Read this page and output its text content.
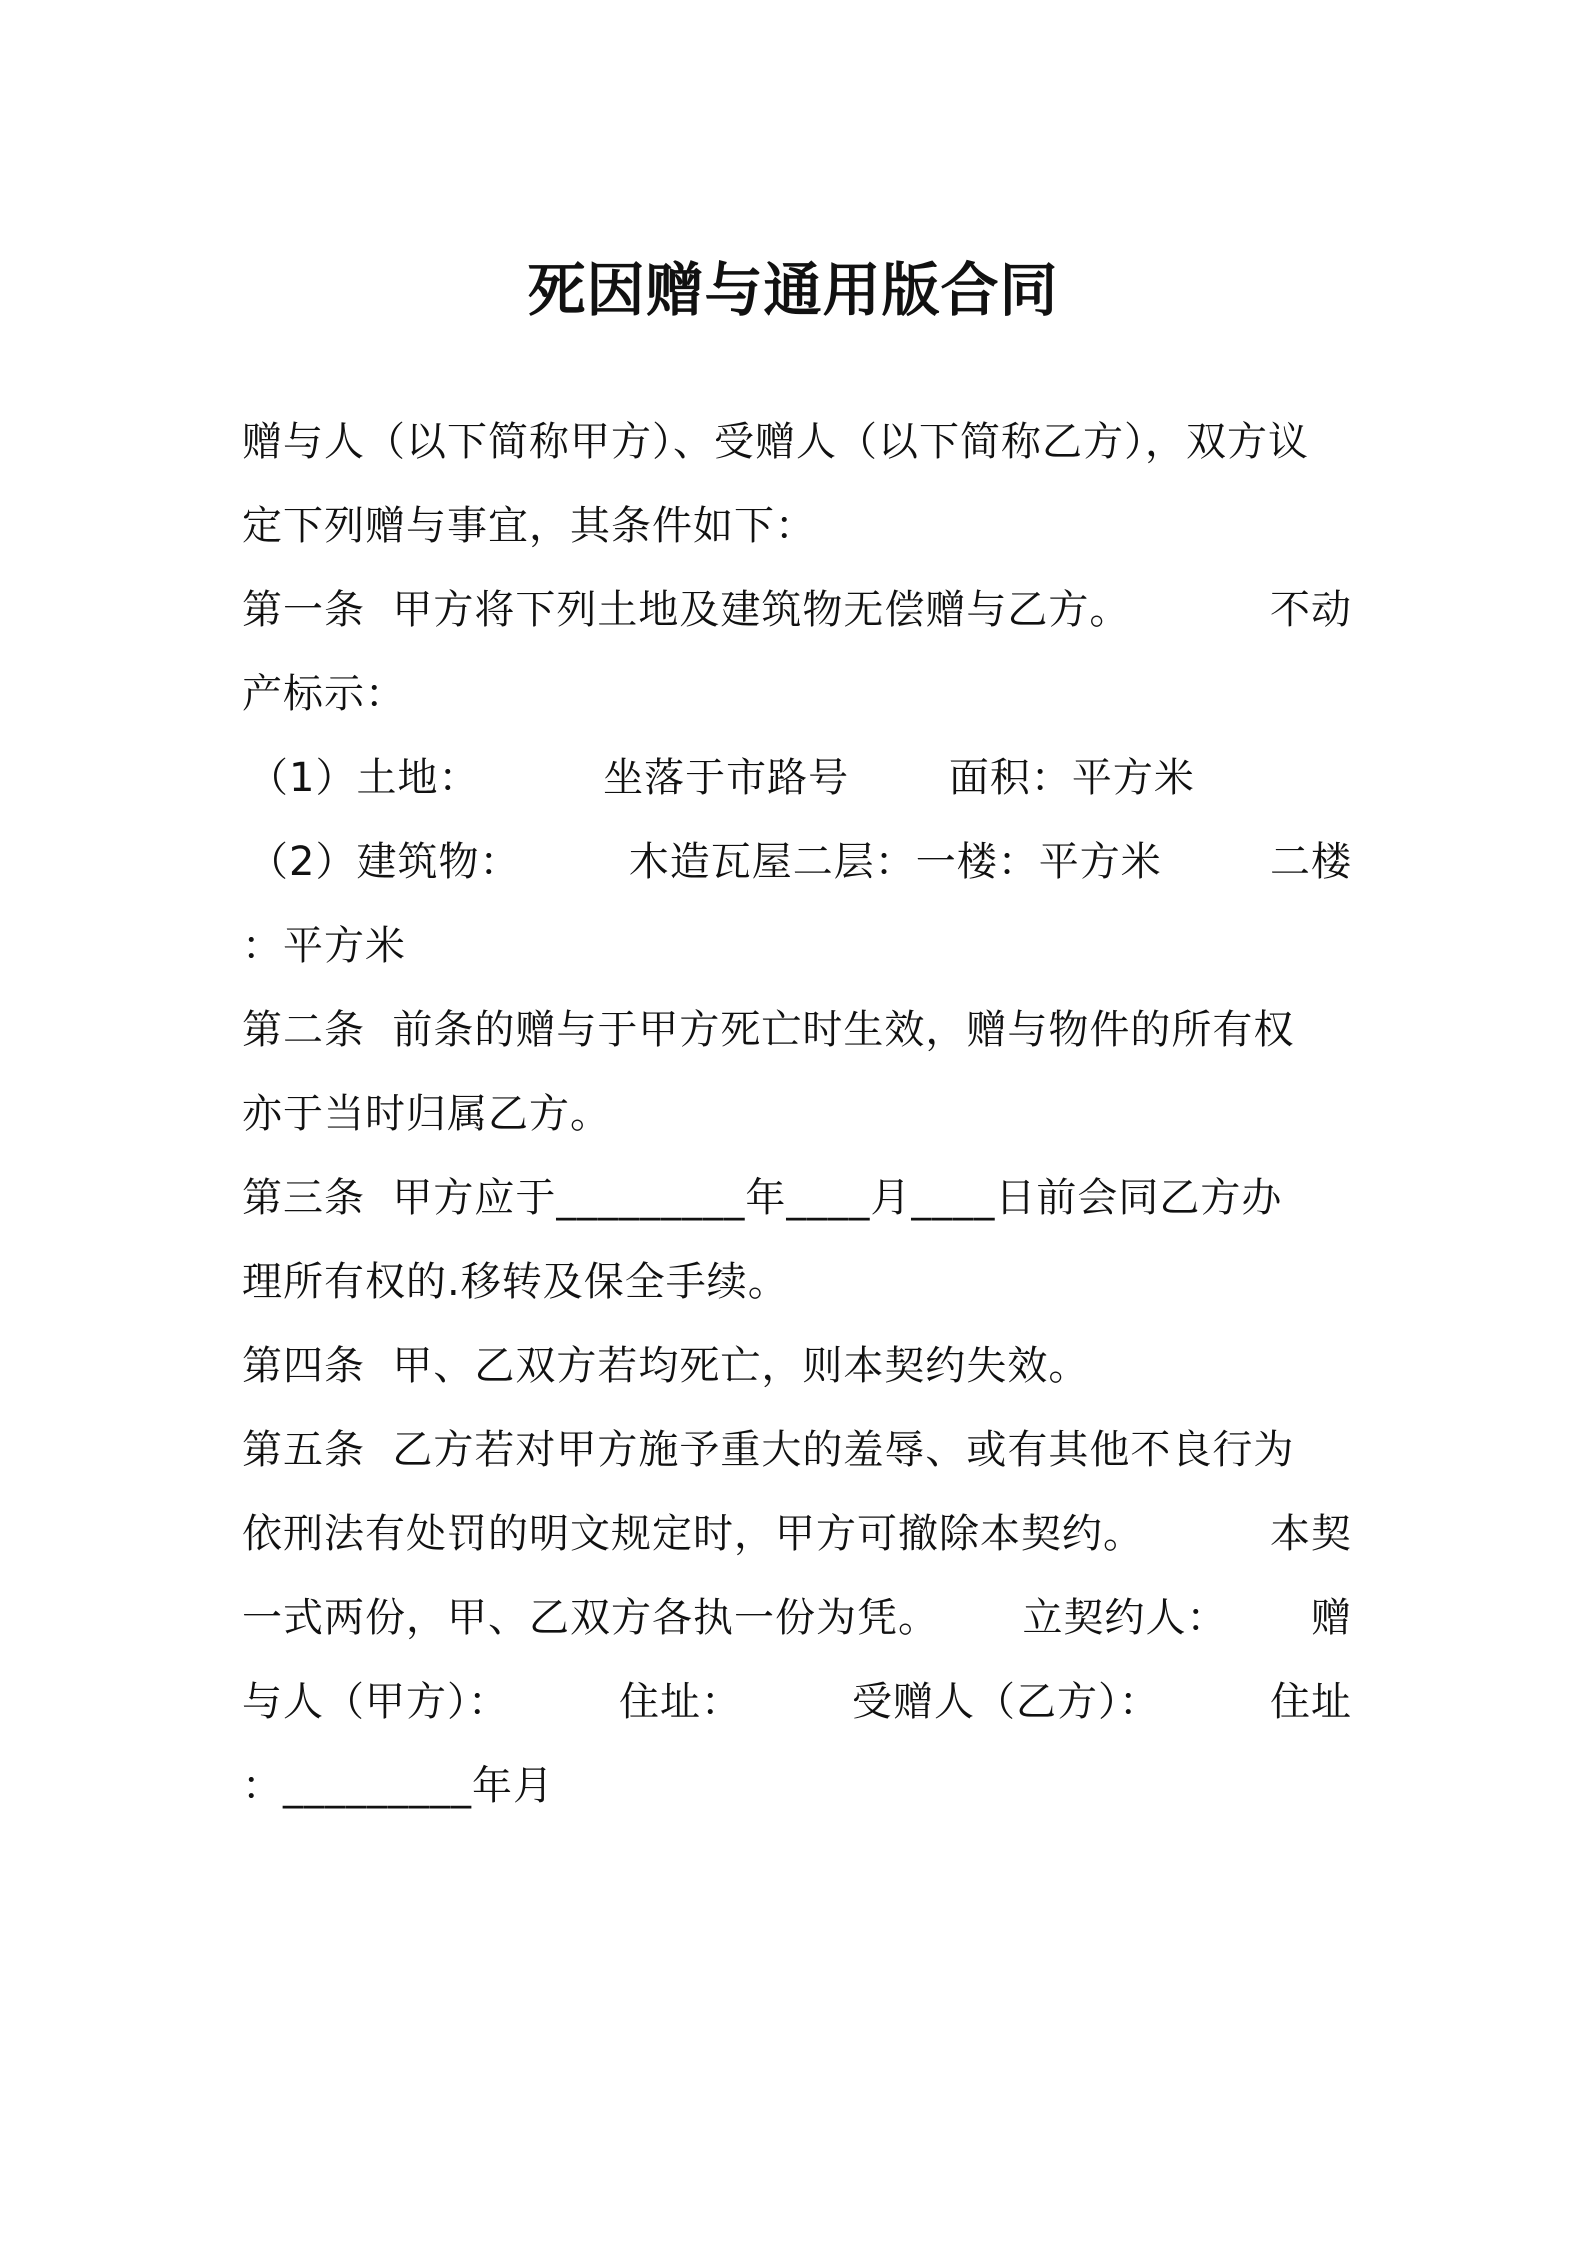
死因赠与通用版合同
赠与人（以下简称甲方）、受赠人（以下简称乙方），双方议
定下列赠与事宜，其条件如下：
第一条  甲方将下列土地及建筑物无偿赠与乙方。	不动
产标示：
（1）土地：	坐落于市路号 面积：平方米
（2）建筑物：	木造瓦屋二层：一楼：平方米	二楼
：平方米
第二条  前条的赠与于甲方死亡时生效，赠与物件的所有权
亦于当时归属乙方。
第三条  甲方应于_________年____月____日前会同乙方办
理所有权的.移转及保全手续。
第四条  甲、乙双方若均死亡，则本契约失效。
第五条  乙方若对甲方施予重大的羞辱、或有其他不良行为
依刑法有处罚的明文规定时，甲方可撤除本契约。	本契
一式两份，甲、乙双方各执一份为凭。 立契约人： 赠
与人（甲方）：	住址：	受赠人（乙方）：	住址
：_________年月
